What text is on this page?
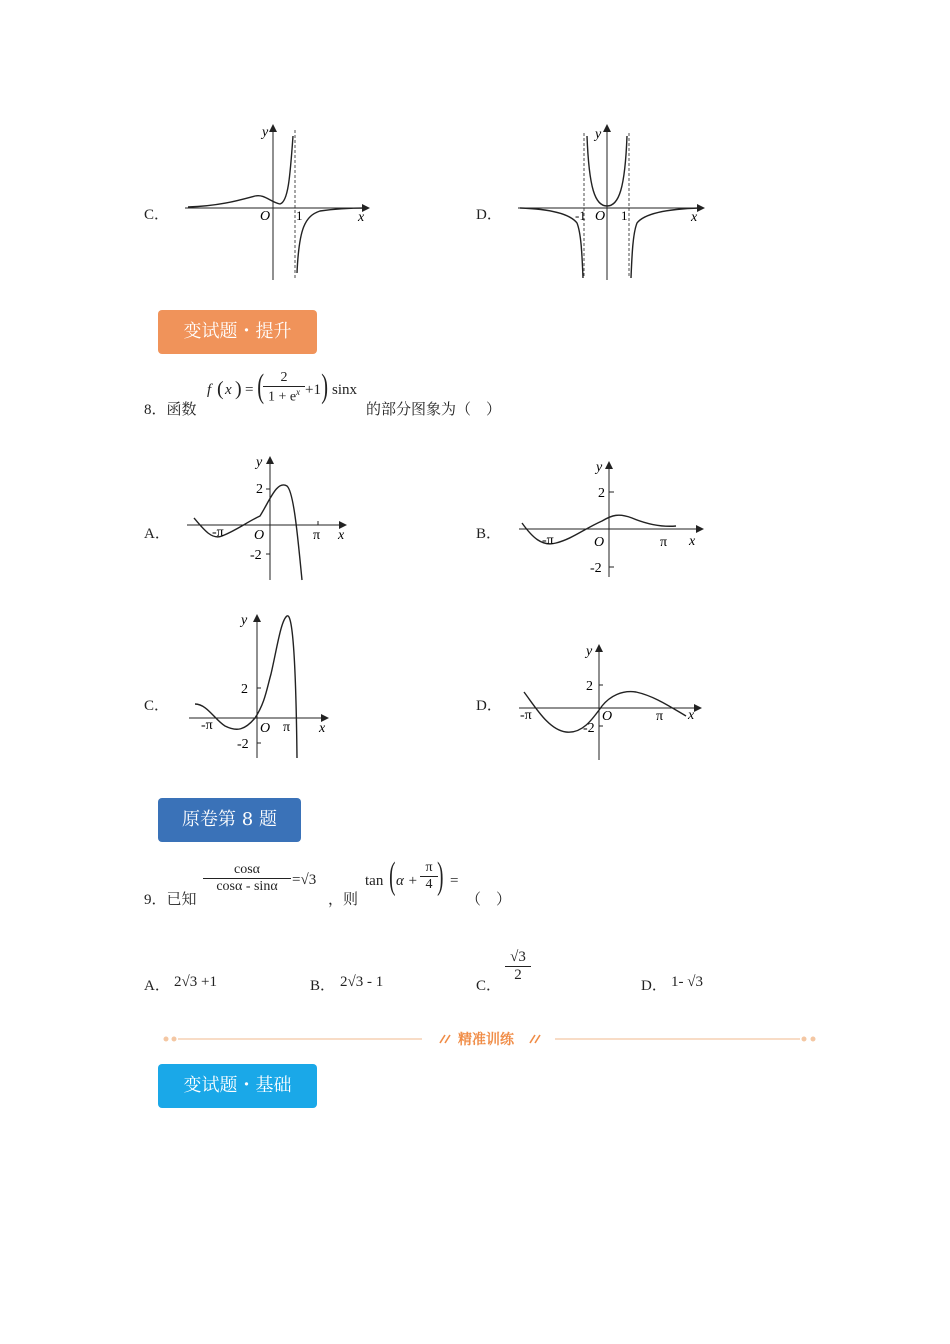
C．
y
x
O 1	D．
y
x
-1 O 1
变试题・提升
8．函数
f ( x ) = (
$\frac{2}{1 + e^x} +1$ ) sinx
的部分图象为（　）
A．
y
x
2
-2
-π O	π	B．
y
x
2
-2
-π	O	π
C．
y
x
2
-2
-π	O π
D．
y
x
2
-2
-π	O	π
原卷第 8 题
9．已知
$\frac{\cos\alpha}{\cos\alpha - \sin\alpha} =√3$
，则
tan ( $\alpha + \frac{\pi}{4}$ ) =
（　）
A． 2√3 +1	B． 2√3 - 1	C．
$\frac{√3}{2}$
D． 1- √3
精准训练
变试题・基础
